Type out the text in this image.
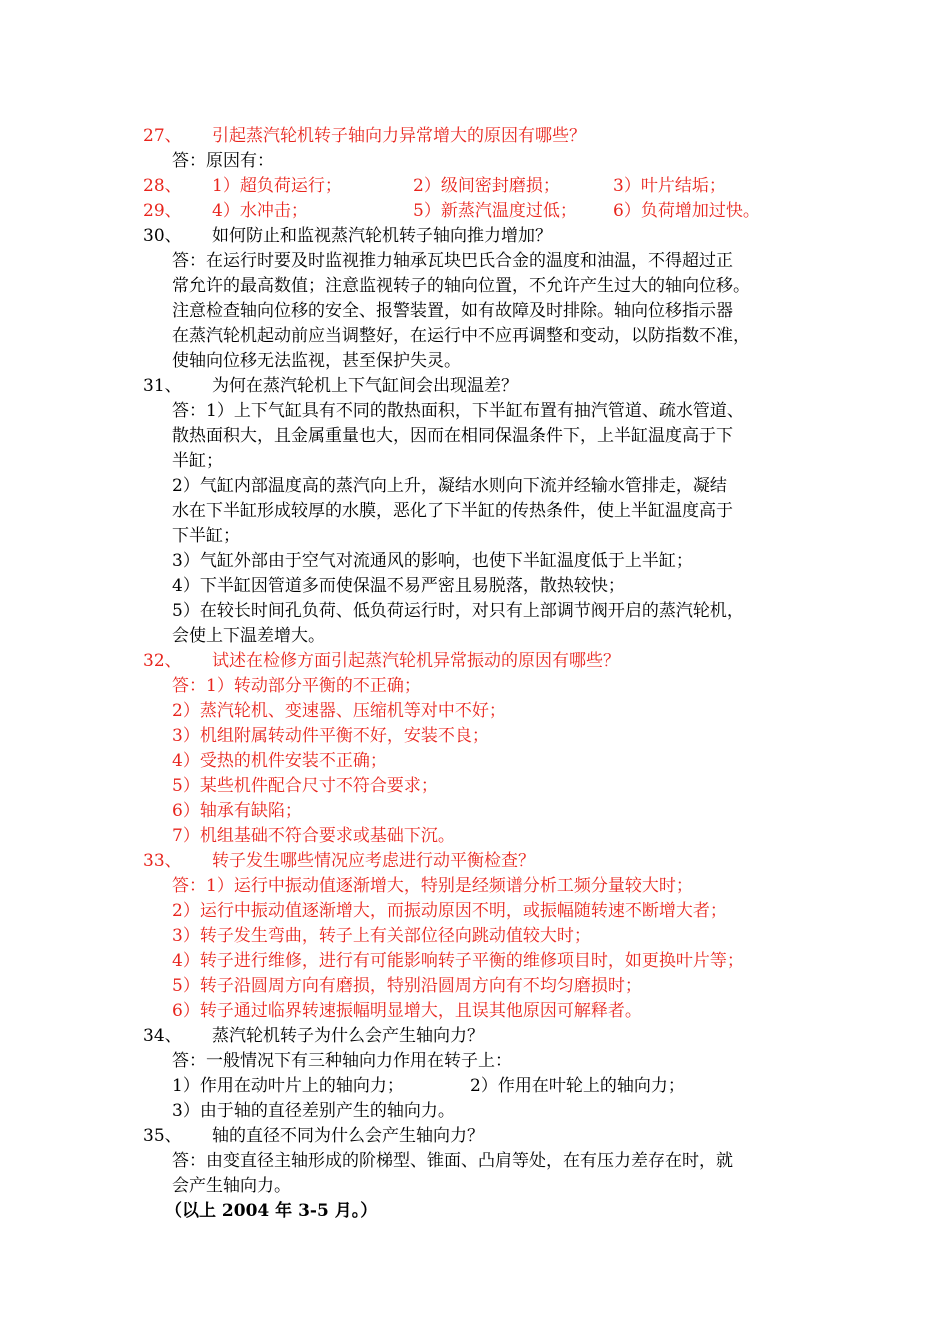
27、 引起蒸汽轮机转子轴向力异常增大的原因有哪些？
答：原因有：
28、 1）超负荷运行；	2）级间密封磨损；	3）叶片结垢；
29、 4）水冲击；	5）新蒸汽温度过低； 6）负荷增加过快。
30、 如何防止和监视蒸汽轮机转子轴向推力增加？
答：在运行时要及时监视推力轴承瓦块巴氏合金的温度和油温，不得超过正
常允许的最高数值；注意监视转子的轴向位置，不允许产生过大的轴向位移。
注意检查轴向位移的安全、报警装置，如有故障及时排除。轴向位移指示器
在蒸汽轮机起动前应当调整好，在运行中不应再调整和变动，以防指数不准，
使轴向位移无法监视，甚至保护失灵。
31、 为何在蒸汽轮机上下气缸间会出现温差？
答：1）上下气缸具有不同的散热面积，下半缸布置有抽汽管道、疏水管道、
散热面积大，且金属重量也大，因而在相同保温条件下，上半缸温度高于下
半缸；
2）气缸内部温度高的蒸汽向上升，凝结水则向下流并经输水管排走，凝结
水在下半缸形成较厚的水膜，恶化了下半缸的传热条件，使上半缸温度高于
下半缸；
3）气缸外部由于空气对流通风的影响，也使下半缸温度低于上半缸；
4）下半缸因管道多而使保温不易严密且易脱落，散热较快；
5）在较长时间孔负荷、低负荷运行时，对只有上部调节阀开启的蒸汽轮机，
会使上下温差增大。
32、 试述在检修方面引起蒸汽轮机异常振动的原因有哪些？
答：1）转动部分平衡的不正确；
2）蒸汽轮机、变速器、压缩机等对中不好；
3）机组附属转动件平衡不好，安装不良；
4）受热的机件安装不正确；
5）某些机件配合尺寸不符合要求；
6）轴承有缺陷；
7）机组基础不符合要求或基础下沉。
33、 转子发生哪些情况应考虑进行动平衡检查？
答：1）运行中振动值逐渐增大，特别是经频谱分析工频分量较大时；
2）运行中振动值逐渐增大，而振动原因不明，或振幅随转速不断增大者；
3）转子发生弯曲，转子上有关部位径向跳动值较大时；
4）转子进行维修，进行有可能影响转子平衡的维修项目时，如更换叶片等；
5）转子沿圆周方向有磨损，特别沿圆周方向有不均匀磨损时；
6）转子通过临界转速振幅明显增大，且误其他原因可解释者。
34、 蒸汽轮机转子为什么会产生轴向力？
答：一般情况下有三种轴向力作用在转子上：
1）作用在动叶片上的轴向力；	2）作用在叶轮上的轴向力；
3）由于轴的直径差别产生的轴向力。
35、 轴的直径不同为什么会产生轴向力？
答：由变直径主轴形成的阶梯型、锥面、凸肩等处，在有压力差存在时，就
会产生轴向力。
（以上 2004 年 3-5 月。）
